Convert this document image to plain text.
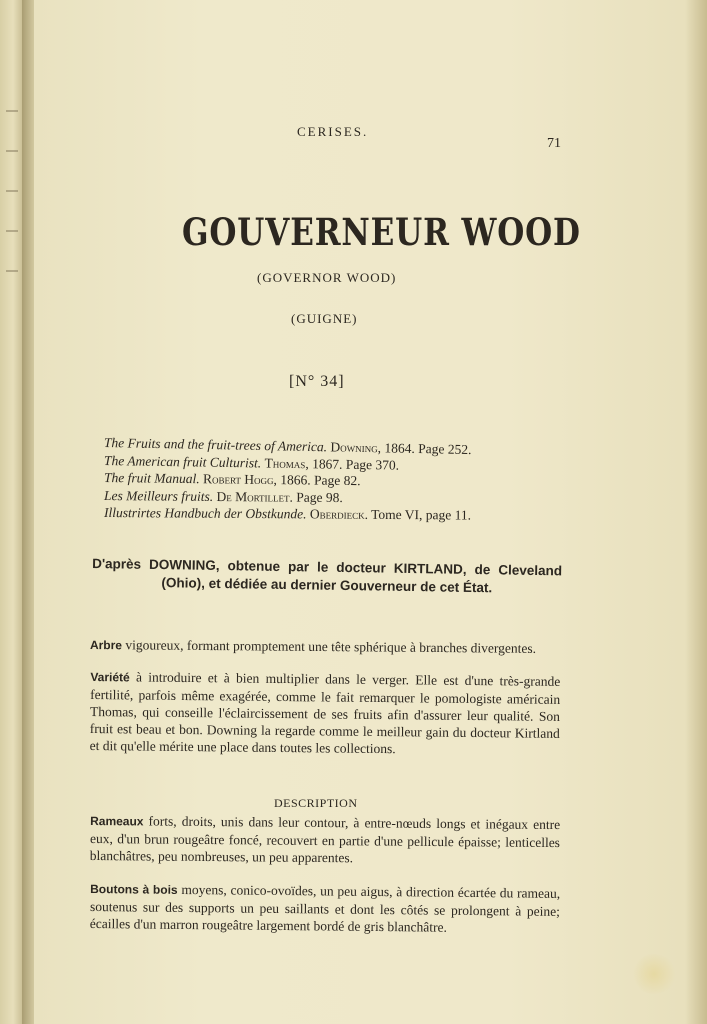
CERISES.
71
GOUVERNEUR WOOD
(GOVERNOR WOOD)
(GUIGNE)
[N° 34]
The Fruits and the fruit-trees of America. Downing, 1864. Page 252.
The American fruit Culturist. Thomas, 1867. Page 370.
The fruit Manual. Robert Hogg, 1866. Page 82.
Les Meilleurs fruits. De Mortillet. Page 98.
Illustrirtes Handbuch der Obstkunde. Oberdieck. Tome VI, page 11.
D'après DOWNING, obtenue par le docteur KIRTLAND, de Cleveland (Ohio), et dédiée au dernier Gouverneur de cet État.
Arbre vigoureux, formant promptement une tête sphérique à branches divergentes.
Variété à introduire et à bien multiplier dans le verger. Elle est d'une très-grande fertilité, parfois même exagérée, comme le fait remarquer le pomologiste américain Thomas, qui conseille l'éclaircissement de ses fruits afin d'assurer leur qualité. Son fruit est beau et bon. Downing la regarde comme le meilleur gain du docteur Kirtland et dit qu'elle mérite une place dans toutes les collections.
DESCRIPTION
Rameaux forts, droits, unis dans leur contour, à entre-nœuds longs et inégaux entre eux, d'un brun rougeâtre foncé, recouvert en partie d'une pellicule épaisse; lenticelles blanchâtres, peu nombreuses, un peu apparentes.
Boutons à bois moyens, conico-ovoïdes, un peu aigus, à direction écartée du rameau, soutenus sur des supports un peu saillants et dont les côtés se prolongent à peine; écailles d'un marron rougeâtre largement bordé de gris blanchâtre.
